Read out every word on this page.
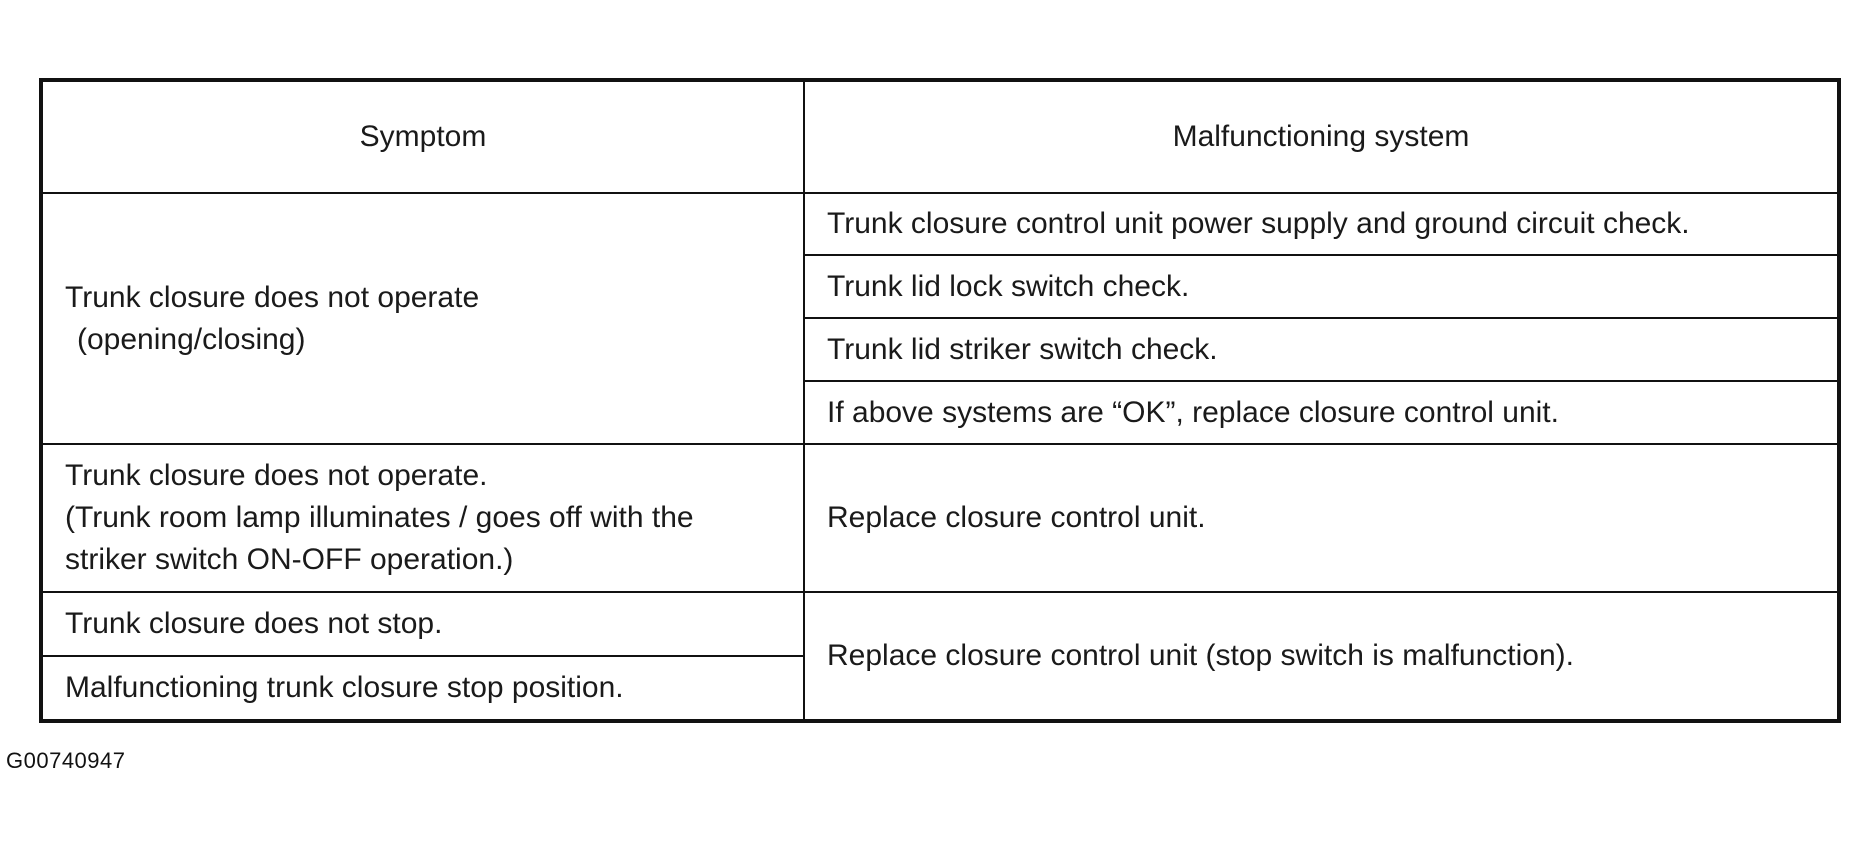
Symptom	Malfunctioning system
Trunk closure does not operate
(opening/closing)	Trunk closure control unit power supply and ground circuit check.
	Trunk lid lock switch check.
	Trunk lid striker switch check.
	If above systems are “OK”, replace closure control unit.
Trunk closure does not operate.
(Trunk room lamp illuminates / goes off with the
striker switch ON-OFF operation.)	Replace closure control unit.
Trunk closure does not stop.	Replace closure control unit (stop switch is malfunction).
Malfunctioning trunk closure stop position.	
G00740947
